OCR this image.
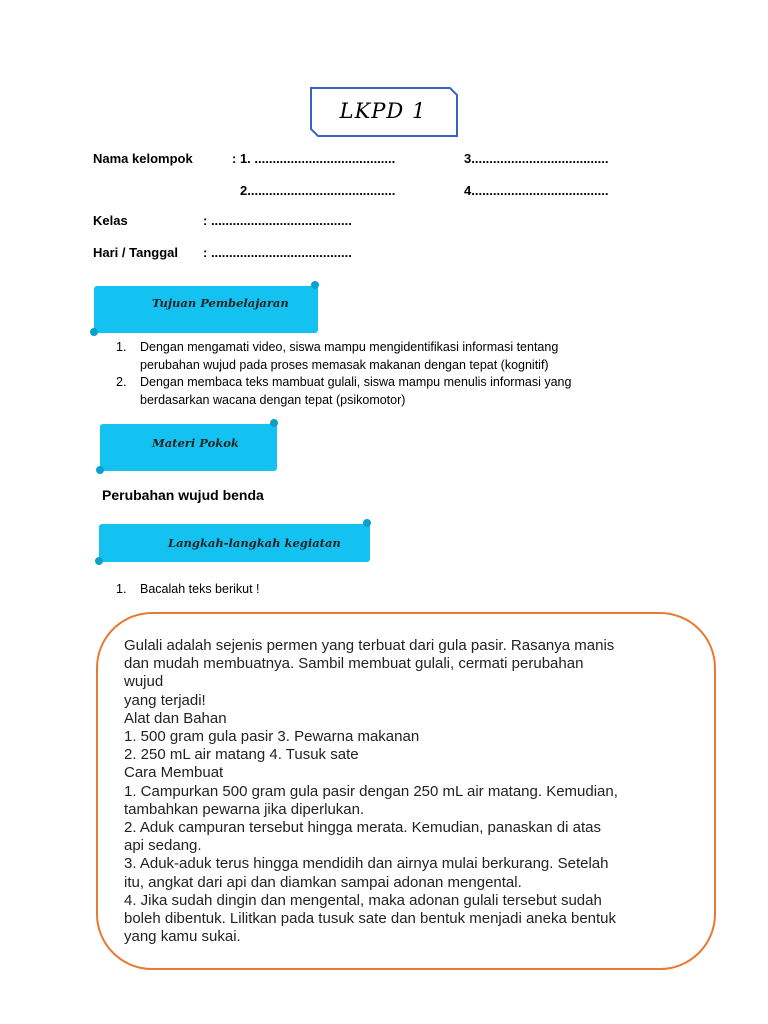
LKPD 1
Nama kelompok	: 1. .......................................	3......................................
2.........................................	4......................................
Kelas	: .......................................
Hari / Tanggal : .......................................
Tujuan Pembelajaran
1. Dengan mengamati video, siswa mampu mengidentifikasi informasi tentang
perubahan wujud pada proses memasak makanan dengan tepat (kognitif)
2. Dengan membaca teks mambuat gulali, siswa mampu menulis informasi yang
berdasarkan wacana dengan tepat (psikomotor)
Materi Pokok
Perubahan wujud benda
Langkah-langkah kegiatan
1. Bacalah teks berikut !
Gulali adalah sejenis permen yang terbuat dari gula pasir. Rasanya manis
dan mudah membuatnya. Sambil membuat gulali, cermati perubahan
wujud
yang terjadi!
Alat dan Bahan
1. 500 gram gula pasir 3. Pewarna makanan
2. 250 mL air matang 4. Tusuk sate
Cara Membuat
1. Campurkan 500 gram gula pasir dengan 250 mL air matang. Kemudian,
tambahkan pewarna jika diperlukan.
2. Aduk campuran tersebut hingga merata. Kemudian, panaskan di atas
api sedang.
3. Aduk-aduk terus hingga mendidih dan airnya mulai berkurang. Setelah
itu, angkat dari api dan diamkan sampai adonan mengental.
4. Jika sudah dingin dan mengental, maka adonan gulali tersebut sudah
boleh dibentuk. Lilitkan pada tusuk sate dan bentuk menjadi aneka bentuk
yang kamu sukai.
